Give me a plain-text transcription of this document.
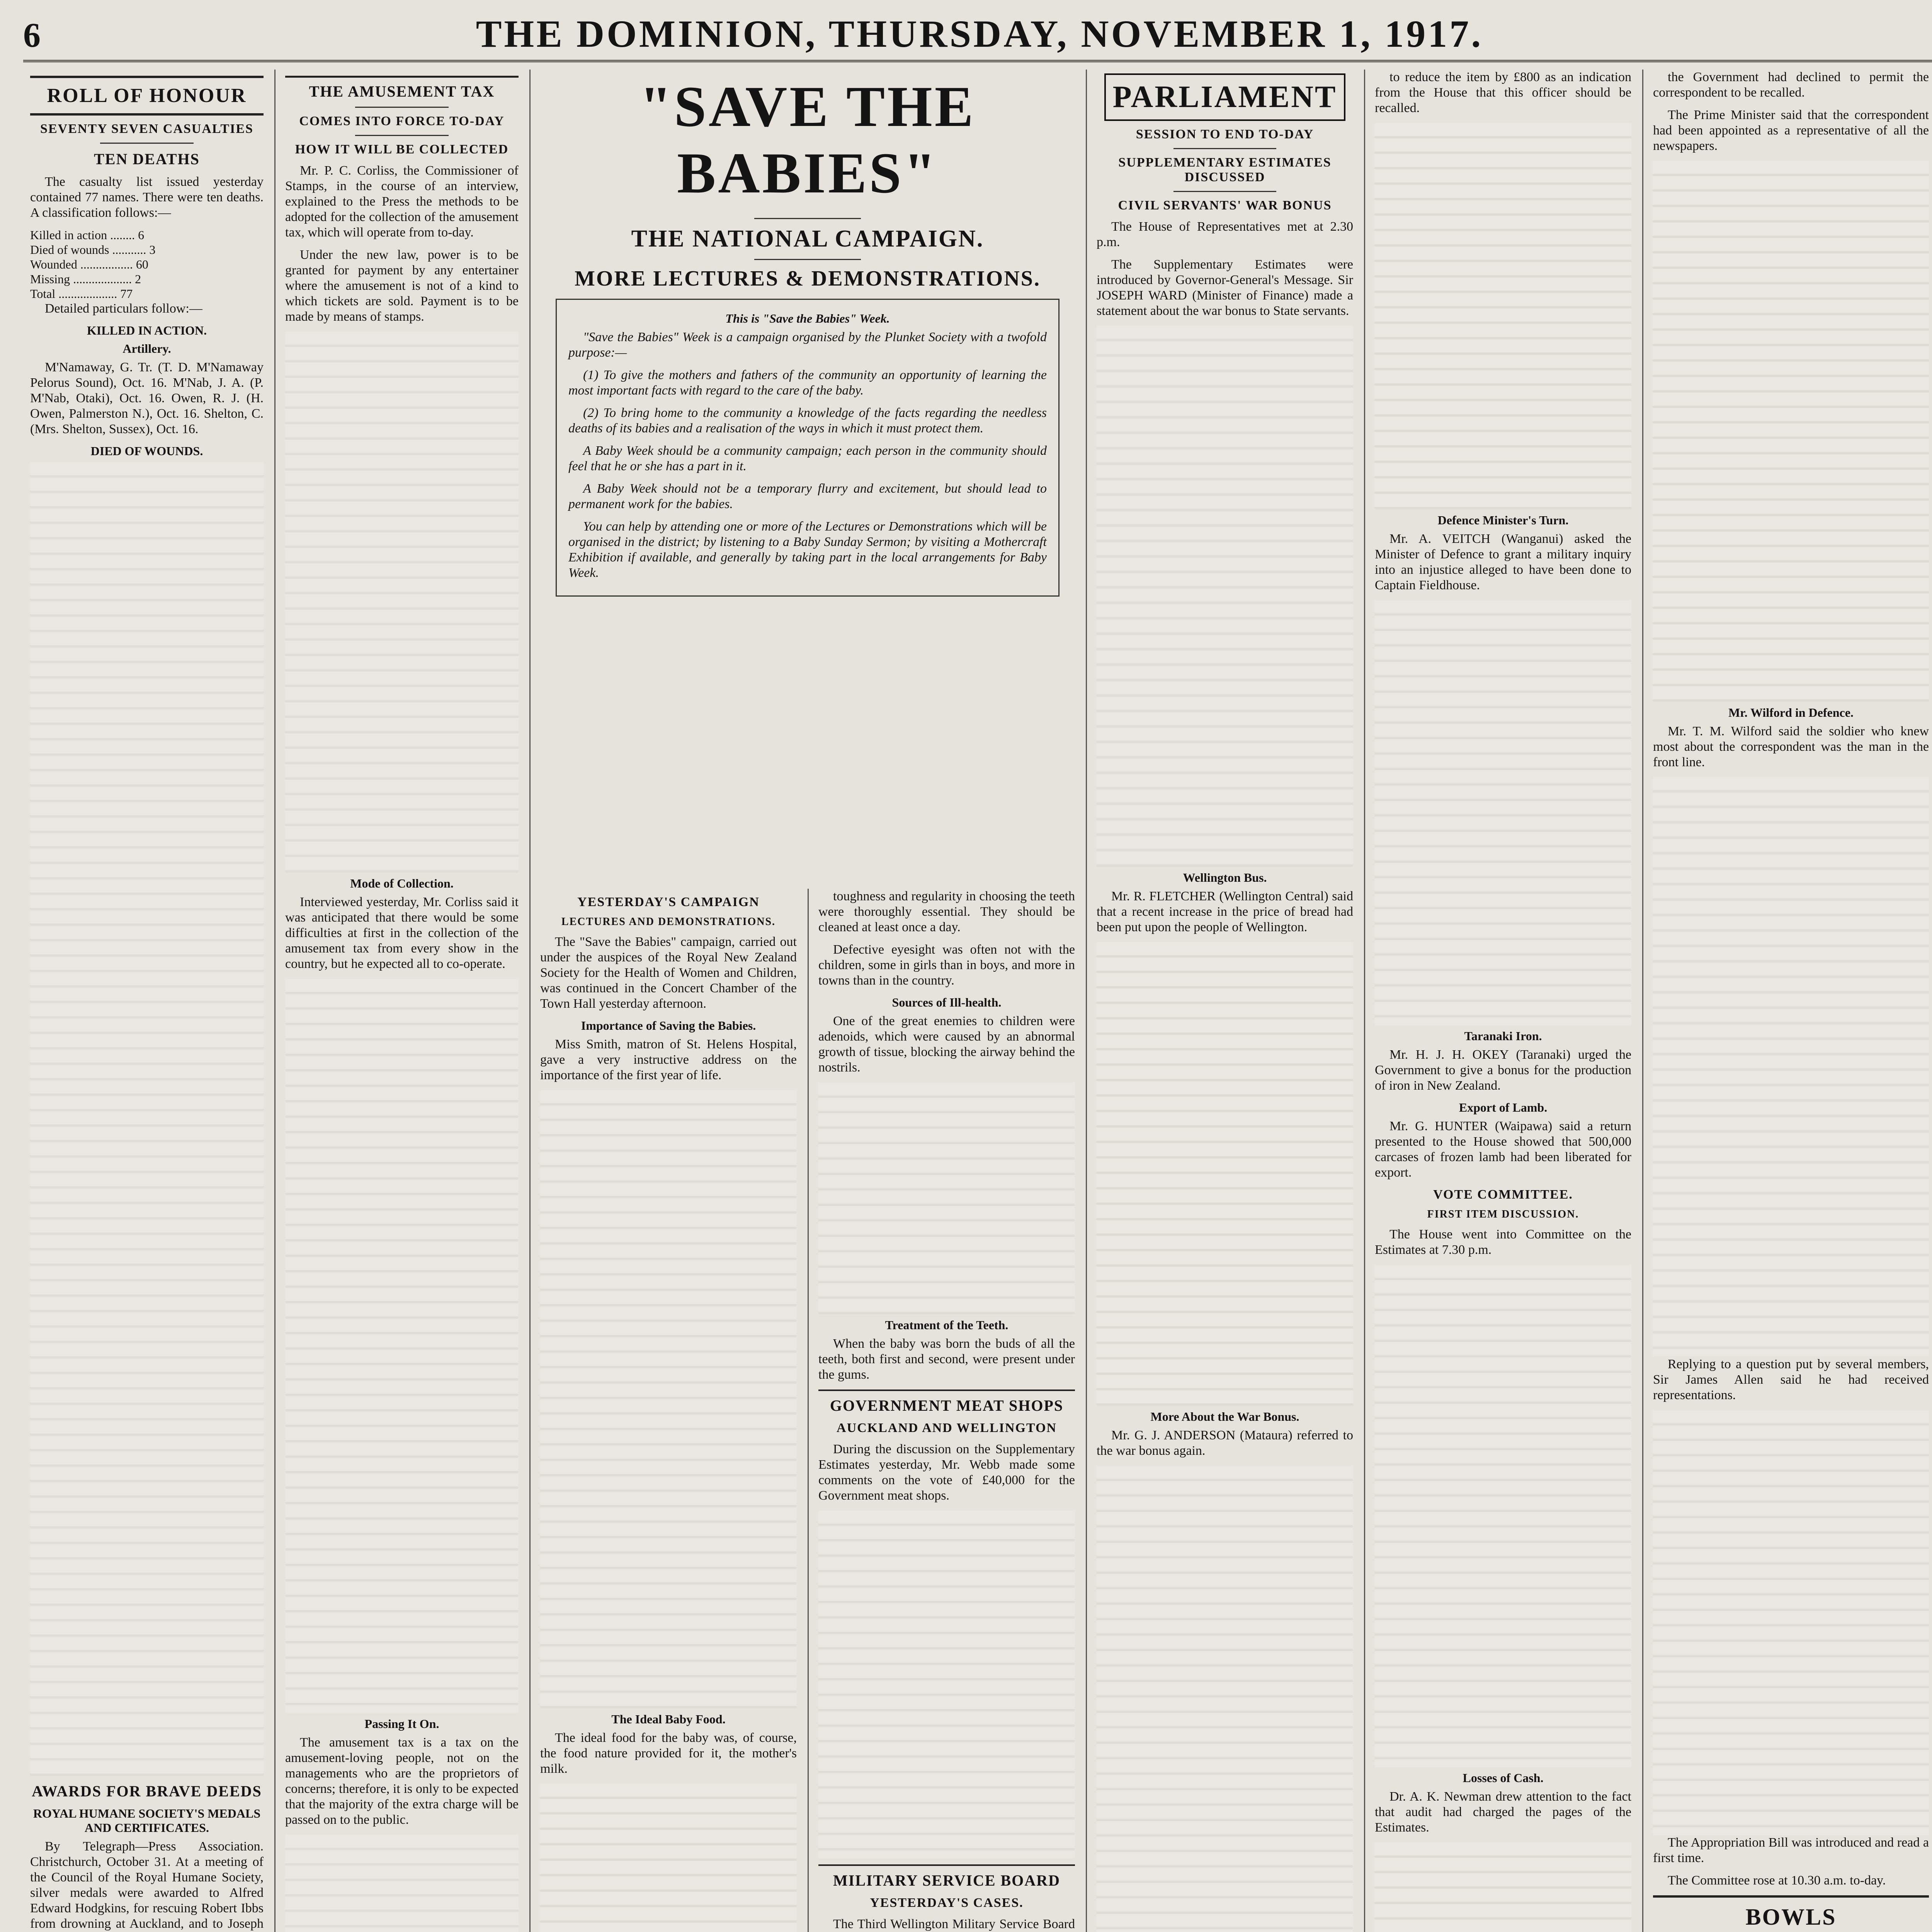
6	THE DOMINION, THURSDAY, NOVEMBER 1, 1917.
ROLL OF HONOUR
SEVENTY SEVEN CASUALTIES
TEN DEATHS

The casualty list issued yesterday contained 77 names. There were ten deaths. A classification follows:—

Killed in action ........ 6
Died of wounds ........... 3
Wounded ................. 60
Missing ................... 2
Total ................... 77

Detailed particulars follow:—

KILLED IN ACTION.
Artillery.

M'Namaway, G. Tr. (T. D. M'Namaway Pelorus Sound), Oct. 16. M'Nab, J. A. (P. M'Nab, Otaki), Oct. 16. Owen, R. J. (H. Owen, Palmerston N.), Oct. 16. Shelton, C. (Mrs. Shelton, Sussex), Oct. 16.

DIED OF WOUNDS.
AWARDS FOR BRAVE DEEDS
ROYAL HUMANE SOCIETY'S MEDALS AND CERTIFICATES.

By Telegraph—Press Association. Christchurch, October 31. At a meeting of the Council of the Royal Humane Society, silver medals were awarded to Alfred Edward Hodgkins, for rescuing Robert Ibbs from drowning at Auckland, and to Joseph

THE AMUSEMENT TAX
COMES INTO FORCE TO-DAY
HOW IT WILL BE COLLECTED

Mr. P. C. Corliss, the Commissioner of Stamps, in the course of an interview, explained to the Press the methods to be adopted for the collection of the amusement tax, which will operate from to-day.

Under the new law, power is to be granted for payment by any entertainer where the amusement is not of a kind to which tickets are sold. Payment is to be made by means of stamps.

Mode of Collection.

Interviewed yesterday, Mr. Corliss said it was anticipated that there would be some difficulties at first in the collection of the amusement tax from every show in the country, but he expected all to co-operate.

Passing It On.

The amusement tax is a tax on the amusement-loving people, not on the managements who are the proprietors of concerns; therefore, it is only to be expected that the majority of the extra charge will be passed on to the public.

"SAVE THE BABIES"
THE NATIONAL CAMPAIGN.
MORE LECTURES & DEMONSTRATIONS.
This is "Save the Babies" Week.

"Save the Babies" Week is a campaign organised by the Plunket Society with a twofold purpose:—

(1) To give the mothers and fathers of the community an opportunity of learning the most important facts with regard to the care of the baby.

(2) To bring home to the community a knowledge of the facts regarding the needless deaths of its babies and a realisation of the ways in which it must protect them.

A Baby Week should be a community campaign; each person in the community should feel that he or she has a part in it.

A Baby Week should not be a temporary flurry and excitement, but should lead to permanent work for the babies.

You can help by attending one or more of the Lectures or Demonstrations which will be organised in the district; by listening to a Baby Sunday Sermon; by visiting a Mothercraft Exhibition if available, and generally by taking part in the local arrangements for Baby Week.

YESTERDAY'S CAMPAIGN
LECTURES AND DEMONSTRATIONS.

The "Save the Babies" campaign, carried out under the auspices of the Royal New Zealand Society for the Health of Women and Children, was continued in the Concert Chamber of the Town Hall yesterday afternoon.

Importance of Saving the Babies.

Miss Smith, matron of St. Helens Hospital, gave a very instructive address on the importance of the first year of life.

The Ideal Baby Food.

The ideal food for the baby was, of course, the food nature provided for it, the mother's milk.

toughness and regularity in choosing the teeth were thoroughly essential. They should be cleaned at least once a day.

Defective eyesight was often not with the children, some in girls than in boys, and more in towns than in the country.

Sources of Ill-health.

One of the great enemies to children were adenoids, which were caused by an abnormal growth of tissue, blocking the airway behind the nostrils.

Treatment of the Teeth.

When the baby was born the buds of all the teeth, both first and second, were present under the gums.

GOVERNMENT MEAT SHOPS
AUCKLAND AND WELLINGTON

During the discussion on the Supplementary Estimates yesterday, Mr. Webb made some comments on the vote of £40,000 for the Government meat shops.

MILITARY SERVICE BOARD
YESTERDAY'S CASES.

The Third Wellington Military Service Board

PARLIAMENT
SESSION TO END TO-DAY
SUPPLEMENTARY ESTIMATES DISCUSSED
CIVIL SERVANTS' WAR BONUS

The House of Representatives met at 2.30 p.m.

The Supplementary Estimates were introduced by Governor-General's Message. Sir JOSEPH WARD (Minister of Finance) made a statement about the war bonus to State servants.

Wellington Bus.

Mr. R. FLETCHER (Wellington Central) said that a recent increase in the price of bread had been put upon the people of Wellington.

More About the War Bonus.

Mr. G. J. ANDERSON (Mataura) referred to the war bonus again.

to reduce the item by £800 as an indication from the House that this officer should be recalled.

Defence Minister's Turn.

Mr. A. VEITCH (Wanganui) asked the Minister of Defence to grant a military inquiry into an injustice alleged to have been done to Captain Fieldhouse.

Taranaki Iron.

Mr. H. J. H. OKEY (Taranaki) urged the Government to give a bonus for the production of iron in New Zealand.

Export of Lamb.

Mr. G. HUNTER (Waipawa) said a return presented to the House showed that 500,000 carcases of frozen lamb had been liberated for export.

VOTE COMMITTEE.
FIRST ITEM DISCUSSION.

The House went into Committee on the Estimates at 7.30 p.m.

Losses of Cash.

Dr. A. K. Newman drew attention to the fact that audit had charged the pages of the Estimates.

the Government had declined to permit the correspondent to be recalled.

The Prime Minister said that the correspondent had been appointed as a representative of all the newspapers.

Mr. Wilford in Defence.

Mr. T. M. Wilford said the soldier who knew most about the correspondent was the man in the front line.

Replying to a question put by several members, Sir James Allen said he had received representations.

The Appropriation Bill was introduced and read a first time.

The Committee rose at 10.30 a.m. to-day.

BOWLS
